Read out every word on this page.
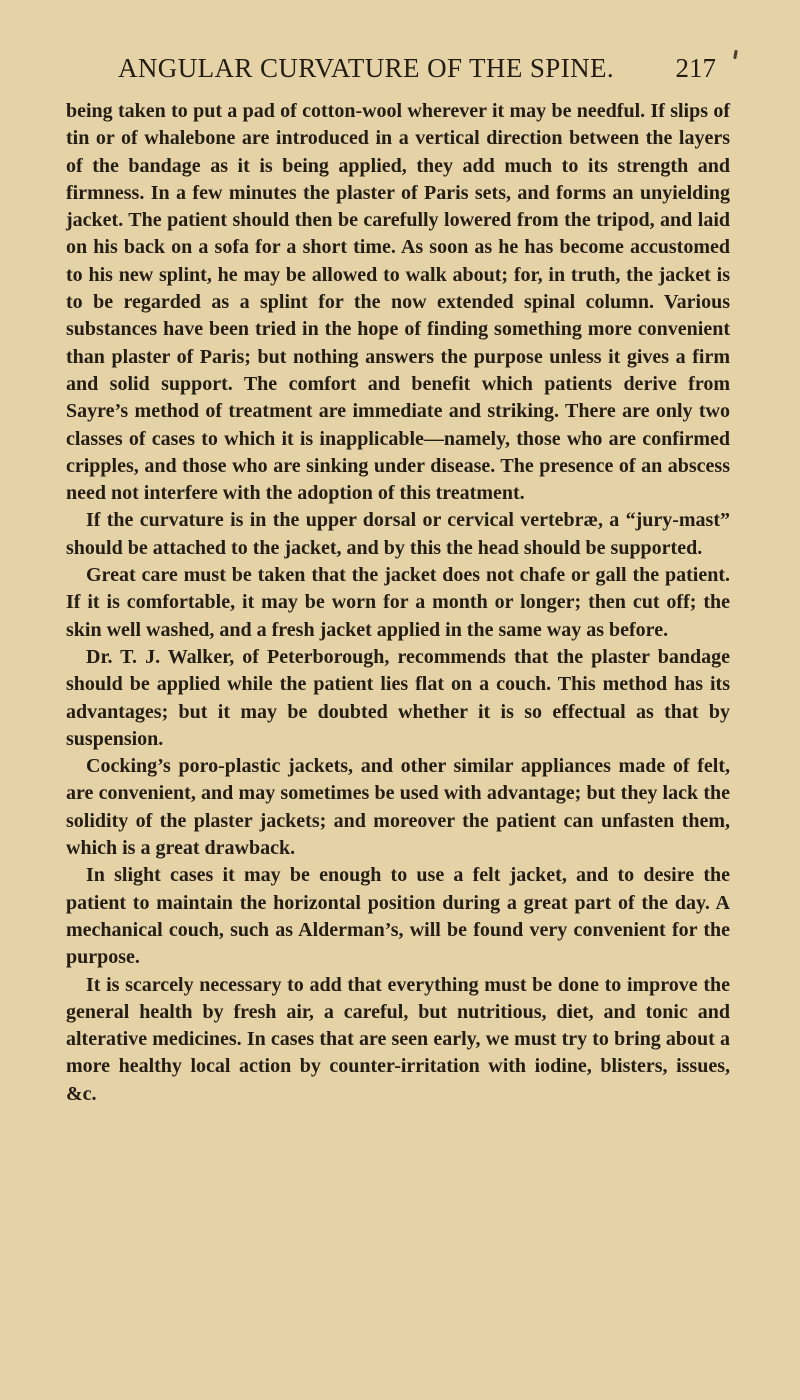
ANGULAR CURVATURE OF THE SPINE. 217

being taken to put a pad of cotton-wool wherever it may be needful. If slips of tin or of whalebone are introduced in a vertical direction between the layers of the bandage as it is being applied, they add much to its strength and firmness. In a few minutes the plaster of Paris sets, and forms an unyielding jacket. The patient should then be carefully lowered from the tripod, and laid on his back on a sofa for a short time. As soon as he has become accustomed to his new splint, he may be allowed to walk about; for, in truth, the jacket is to be regarded as a splint for the now extended spinal column. Various substances have been tried in the hope of finding something more convenient than plaster of Paris; but nothing answers the purpose unless it gives a firm and solid support. The comfort and benefit which patients derive from Sayre’s method of treatment are immediate and striking. There are only two classes of cases to which it is inapplicable—namely, those who are confirmed cripples, and those who are sinking under disease. The presence of an abscess need not interfere with the adoption of this treatment.

If the curvature is in the upper dorsal or cervical vertebræ, a “jury-mast” should be attached to the jacket, and by this the head should be supported.

Great care must be taken that the jacket does not chafe or gall the patient. If it is comfortable, it may be worn for a month or longer; then cut off; the skin well washed, and a fresh jacket applied in the same way as before.

Dr. T. J. Walker, of Peterborough, recommends that the plaster bandage should be applied while the patient lies flat on a couch. This method has its advantages; but it may be doubted whether it is so effectual as that by suspension.

Cocking’s poro-plastic jackets, and other similar appliances made of felt, are convenient, and may sometimes be used with advantage; but they lack the solidity of the plaster jackets; and moreover the patient can unfasten them, which is a great drawback.

In slight cases it may be enough to use a felt jacket, and to desire the patient to maintain the horizontal position during a great part of the day. A mechanical couch, such as Alderman’s, will be found very convenient for the purpose.

It is scarcely necessary to add that everything must be done to improve the general health by fresh air, a careful, but nutritious, diet, and tonic and alterative medicines. In cases that are seen early, we must try to bring about a more healthy local action by counter-irritation with iodine, blisters, issues, &c.
